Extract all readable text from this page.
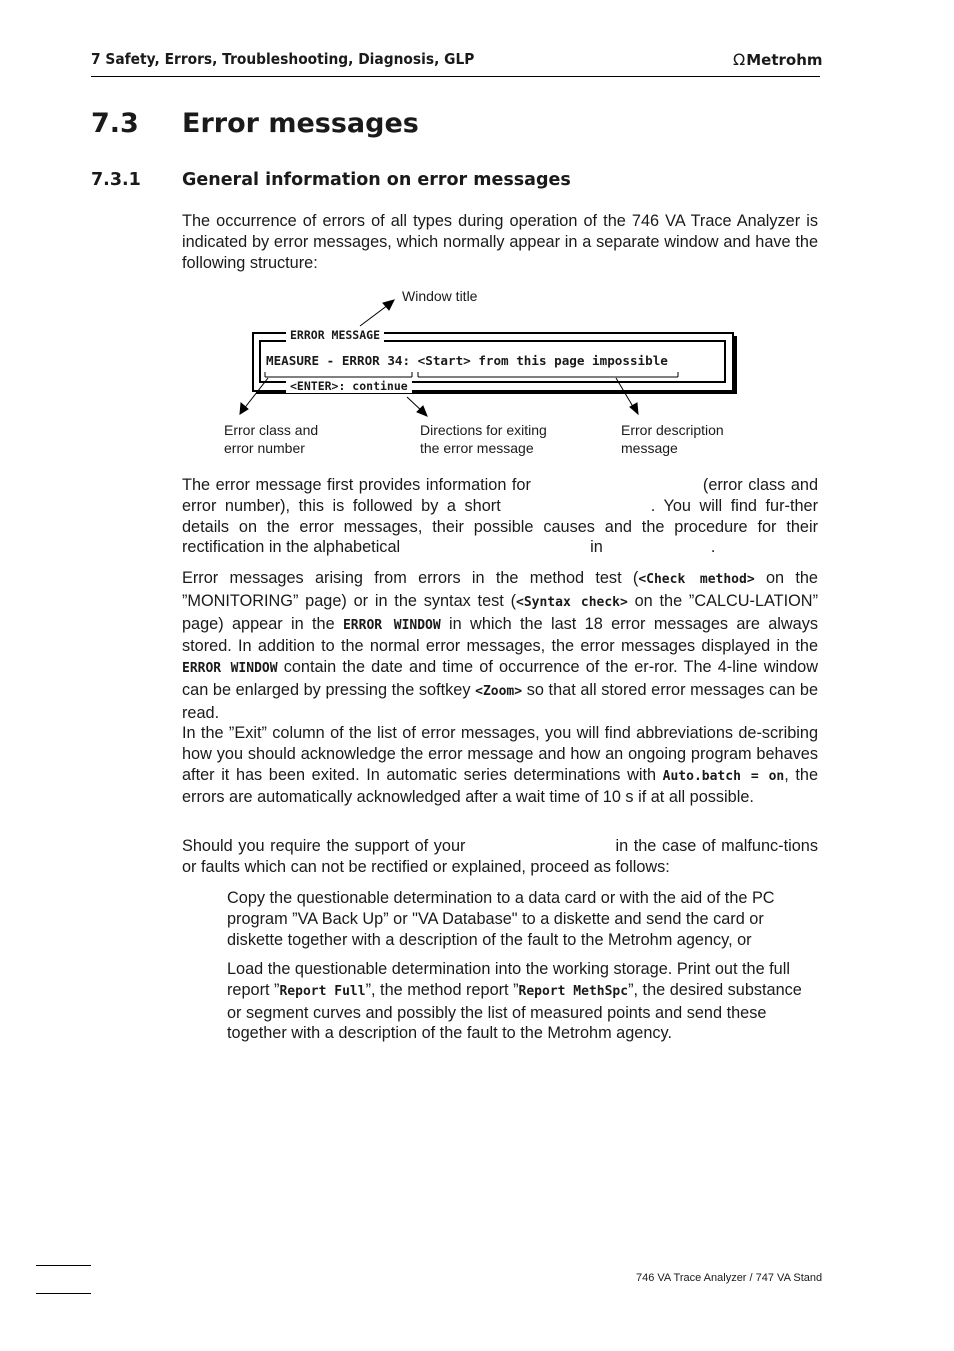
7 Safety, Errors, Troubleshooting, Diagnosis, GLP	ΩMetrohm
7.3 Error messages
7.3.1 General information on error messages

The occurrence of errors of all types during operation of the 746 VA Trace Analyzer is indicated by error messages, which normally appear in a separate window and have the following structure:

Window title
ERROR MESSAGE
MEASURE - ERROR 34: <Start> from this page impossible
<ENTER>: continue
Error class and
error number
Directions for exiting
the error message
Error description
message

The error message first provides information for	(error class and error number), this is followed by a short	. You will find fur-ther details on the error messages, their possible causes and the procedure for their rectification in the alphabetical	in	.

Error messages arising from errors in the method test (<Check method> on the ”MONITORING” page) or in the syntax test (<Syntax check> on the ”CALCU-LATION” page) appear in the ERROR WINDOW in which the last 18 error messages are always stored. In addition to the normal error messages, the error messages displayed in the ERROR WINDOW contain the date and time of occurrence of the er-ror. The 4-line window can be enlarged by pressing the softkey <Zoom> so that all stored error messages can be read.

In the ”Exit” column of the list of error messages, you will find abbreviations de-scribing how you should acknowledge the error message and how an ongoing program behaves after it has been exited. In automatic series determinations with Auto.batch = on, the errors are automatically acknowledged after a wait time of 10 s if at all possible.

Should you require the support of your	in the case of malfunc-tions or faults which can not be rectified or explained, proceed as follows:

Copy the questionable determination to a data card or with the aid of the PC program ”VA Back Up” or "VA Database" to a diskette and send the card or diskette together with a description of the fault to the Metrohm agency, or

Load the questionable determination into the working storage. Print out the full report ”Report Full”, the method report ”Report MethSpc”, the desired substance or segment curves and possibly the list of measured points and send these together with a description of the fault to the Metrohm agency.

746 VA Trace Analyzer / 747 VA Stand
